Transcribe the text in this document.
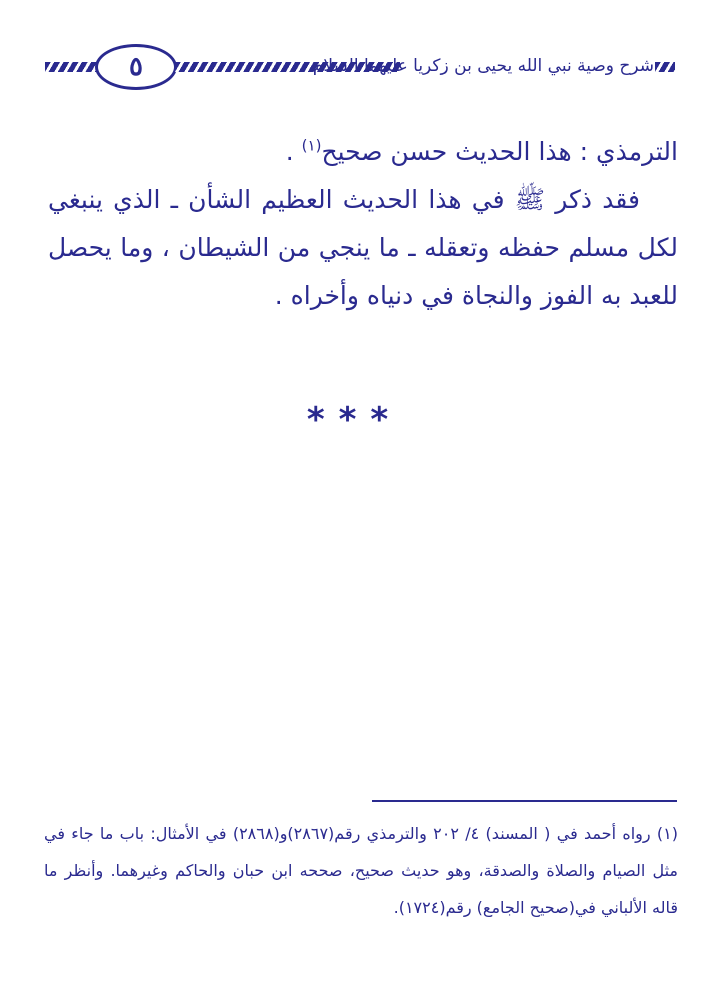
٥	شرح وصية نبي الله يحيى بن زكريا عليهما السلام

الترمذي : هذا الحديث حسن صحيح$^{(١)}$ .

فقد ذكر ﷺ في هذا الحديث العظيم الشأن ـ الذي ينبغي لكل مسلم حفظه وتعقله ـ ما ينجي من الشيطان ، وما يحصل للعبد به الفوز والنجاة في دنياه وأخراه .

***

(١) رواه أحمد في ( المسند) ٤/ ٢٠٢ والترمذي رقم(٢٨٦٧)و(٢٨٦٨) في الأمثال: باب ما جاء في مثل الصيام والصلاة والصدقة، وهو حديث صحيح، صححه ابن حبان والحاكم وغيرهما. وأنظر ما قاله الألباني في(صحيح الجامع) رقم(١٧٢٤).
